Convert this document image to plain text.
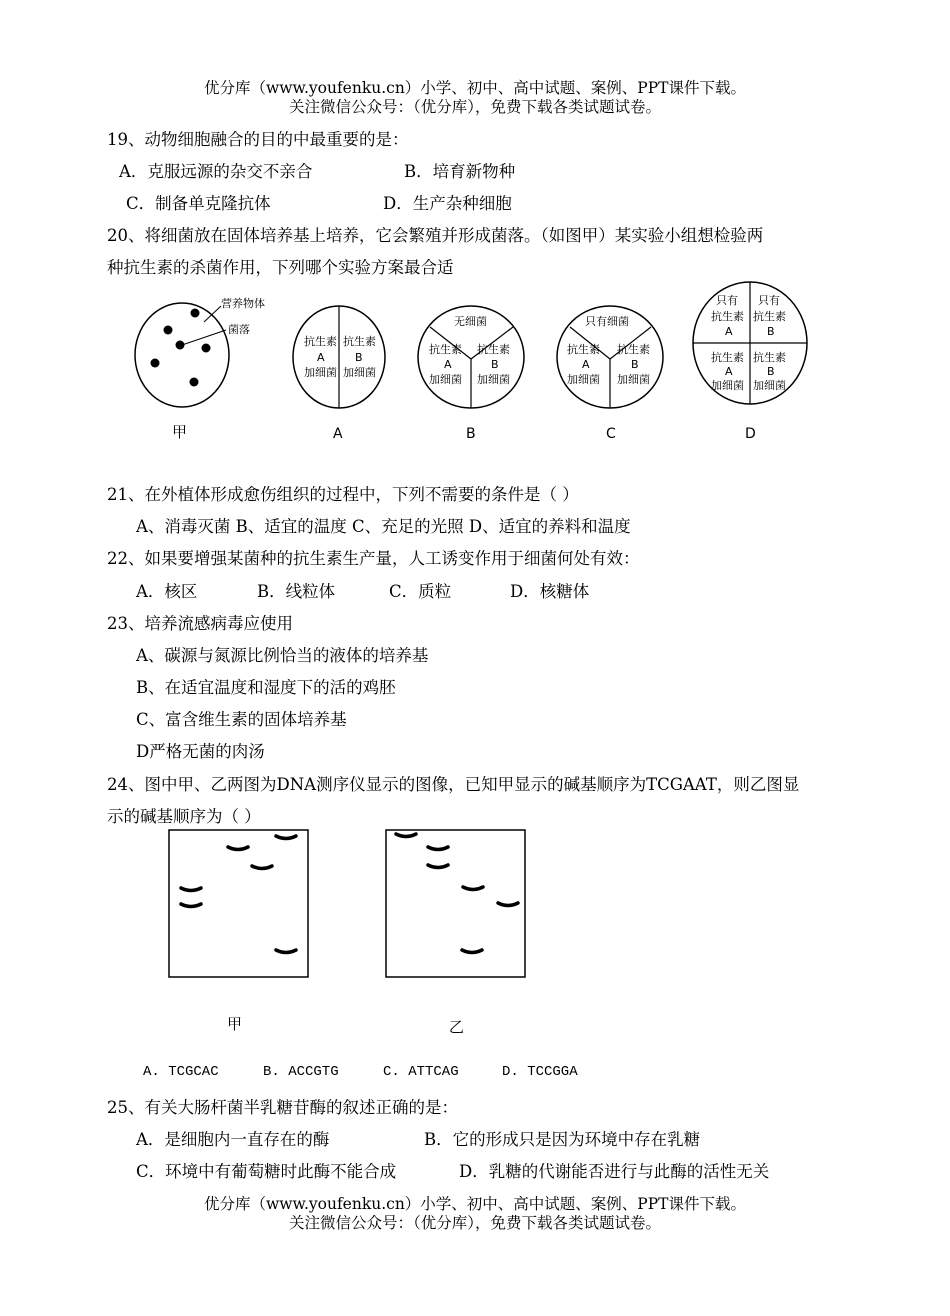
优分库（www.youfenku.cn）小学、初中、高中试题、案例、PPT课件下载。
关注微信公众号：（优分库），免费下载各类试题试卷。
19、动物细胞融合的目的中最重要的是：
A．克服远源的杂交不亲合	B．培育新物种
C．制备单克隆抗体	D．生产杂种细胞
20、将细菌放在固体培养基上培养，它会繁殖并形成菌落。（如图甲）某实验小组想检验两
种抗生素的杀菌作用，下列哪个实验方案最合适
营养物体
菌落
甲
抗生素
A
加细菌
抗生素
B
加细菌
A
无细菌
抗生素
A
加细菌
抗生素
B
加细菌
B
只有细菌
抗生素
A
加细菌
抗生素
B
加细菌
C
只有
抗生素
A
只有
抗生素
B
抗生素
A
加细菌
抗生素
B
加细菌
D
21、在外植体形成愈伤组织的过程中，下列不需要的条件是（ ）
A、消毒灭菌 B、适宜的温度 C、充足的光照 D、适宜的养料和温度
22、如果要增强某菌种的抗生素生产量，人工诱变作用于细菌何处有效：
A．核区	B．线粒体	C．质粒	D．核糖体
23、培养流感病毒应使用
A、碳源与氮源比例恰当的液体的培养基
B、在适宜温度和湿度下的活的鸡胚
C、富含维生素的固体培养基
D严格无菌的肉汤
24、图中甲、乙两图为DNA测序仪显示的图像，已知甲显示的碱基顺序为TCGAAT，则乙图显
示的碱基顺序为（ ）
甲	乙
A. TCGCAC	B. ACCGTG	C. ATTCAG	D. TCCGGA
25、有关大肠杆菌半乳糖苷酶的叙述正确的是：
A．是细胞内一直存在的酶	B．它的形成只是因为环境中存在乳糖
C．环境中有葡萄糖时此酶不能合成	D．乳糖的代谢能否进行与此酶的活性无关
优分库（www.youfenku.cn）小学、初中、高中试题、案例、PPT课件下载。
关注微信公众号：（优分库），免费下载各类试题试卷。
